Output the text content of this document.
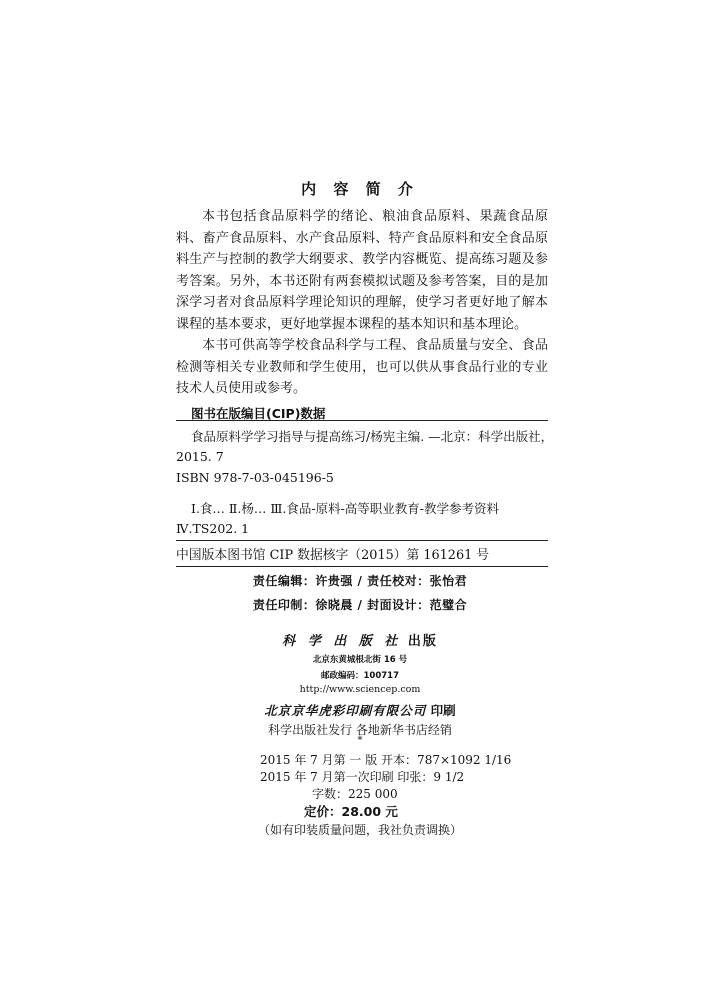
内 容 简 介

本书包括食品原料学的绪论、粮油食品原料、果蔬食品原料、畜产食品原料、水产食品原料、特产食品原料和安全食品原料生产与控制的教学大纲要求、教学内容概览、提高练习题及参考答案。另外，本书还附有两套模拟试题及参考答案，目的是加深学习者对食品原料学理论知识的理解，使学习者更好地了解本课程的基本要求，更好地掌握本课程的基本知识和基本理论。

本书可供高等学校食品科学与工程、食品质量与安全、食品检测等相关专业教师和学生使用，也可以供从事食品行业的专业技术人员使用或参考。

图书在版编目(CIP)数据
食品原料学学习指导与提高练习/杨宪主编. —北京：科学出版社，
2015. 7
ISBN 978-7-03-045196-5
Ⅰ.食… Ⅱ.杨… Ⅲ.食品-原料-高等职业教育-教学参考资料
Ⅳ.TS202. 1
中国版本图书馆 CIP 数据核字（2015）第 161261 号
责任编辑：许贵强 / 责任校对：张怡君
责任印制：徐晓晨 / 封面设计：范璧合
科 学 出 版 社 出版
北京东黄城根北街 16 号
邮政编码：100717
http://www.sciencep.com
北京京华虎彩印刷有限公司 印刷
科学出版社发行 各地新华书店经销
*
2015 年 7 月第 一 版 开本：787×1092 1/16
2015 年 7 月第一次印刷 印张：9 1/2
字数：225 000
定价：28.00 元
（如有印装质量问题，我社负责调换）
